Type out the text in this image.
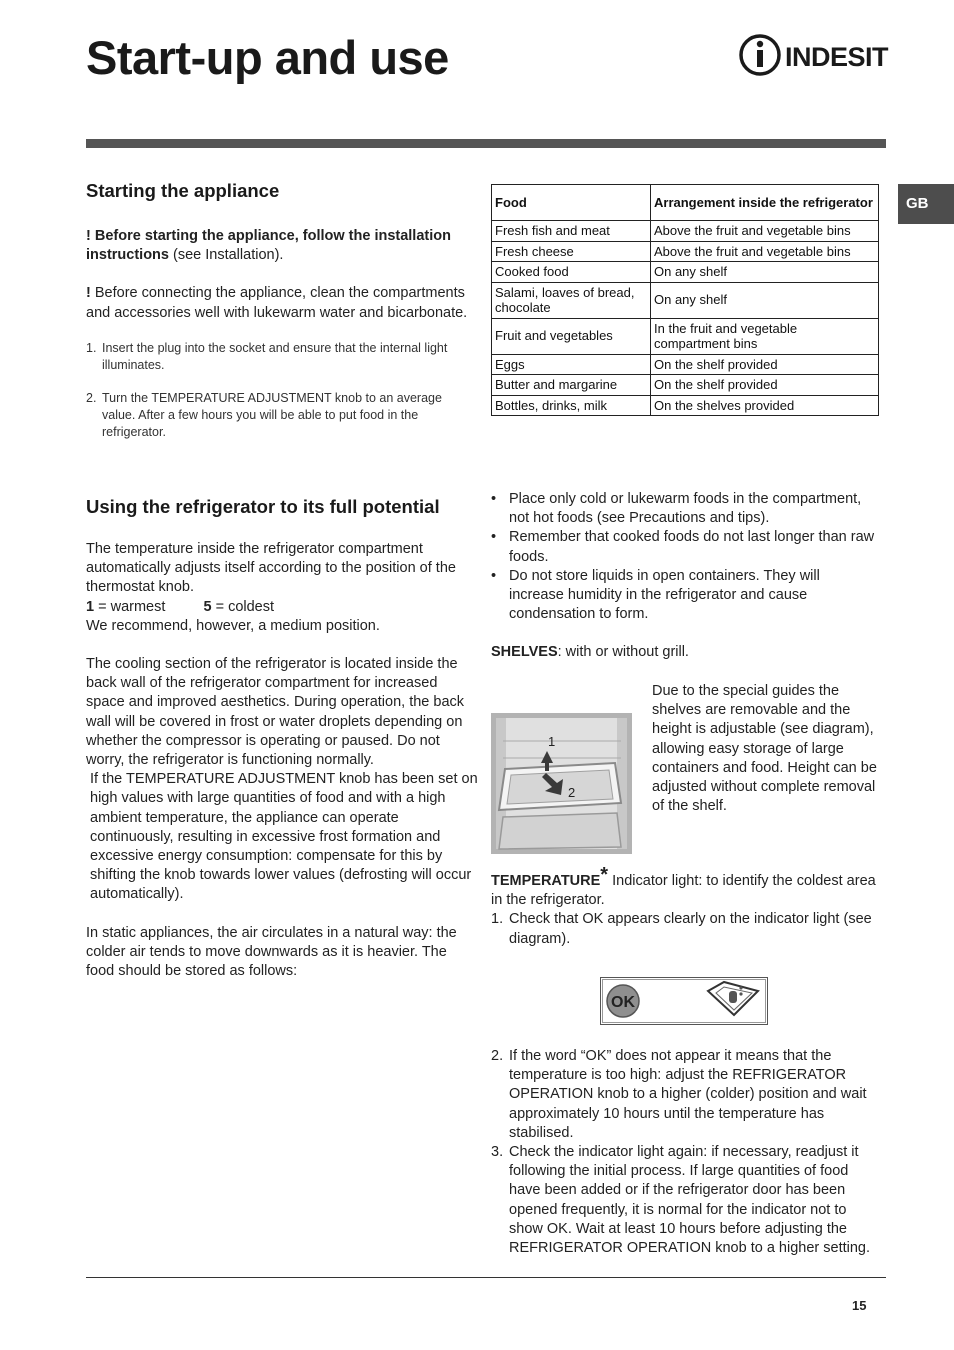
Start-up and use	INDESIT
GB
Starting the appliance

! Before starting the appliance, follow the installation instructions (see Installation).

! Before connecting the appliance, clean the compartments and accessories well with lukewarm water and bicarbonate.

1. Insert the plug into the socket and ensure that the internal light illuminates.
2. Turn the TEMPERATURE ADJUSTMENT knob to an average value. After a few hours you will be able to put food in the refrigerator.
Food	Arrangement inside the refrigerator
Fresh fish and meat	Above the fruit and vegetable bins
Fresh cheese	Above the fruit and vegetable bins
Cooked food	On any shelf
Salami, loaves of bread, chocolate	On any shelf
Fruit and vegetables	In the fruit and vegetable compartment bins
Eggs	On the shelf provided
Butter and margarine	On the shelf provided
Bottles, drinks, milk	On the shelves provided
Using the refrigerator to its full potential

The temperature inside the refrigerator compartment automatically adjusts itself according to the position of the thermostat knob.

1 = warmest	5 = coldest

We recommend, however, a medium position.

The cooling section of the refrigerator is located inside the back wall of the refrigerator compartment for increased space and improved aesthetics. During operation, the back wall will be covered in frost or water droplets depending on whether the compressor is operating or paused. Do not worry, the refrigerator is functioning normally.

If the TEMPERATURE ADJUSTMENT knob has been set on high values with large quantities of food and with a high ambient temperature, the appliance can operate continuously, resulting in excessive frost formation and excessive energy consumption: compensate for this by shifting the knob towards lower values (defrosting will occur automatically).

In static appliances, the air circulates in a natural way: the colder air tends to move downwards as it is heavier. The food should be stored as follows:

• Place only cold or lukewarm foods in the compartment, not hot foods (see Precautions and tips).
• Remember that cooked foods do not last longer than raw foods.
• Do not store liquids in open containers. They will increase humidity in the refrigerator and cause condensation to form.

SHELVES: with or without grill.

1
2

Due to the special guides the shelves are removable and the height is adjustable (see diagram), allowing easy storage of large containers and food. Height can be adjusted without complete removal of the shelf.

TEMPERATURE* Indicator light: to identify the coldest area in the refrigerator.

1. Check that OK appears clearly on the indicator light (see diagram).
OK
2. If the word “OK” does not appear it means that the temperature is too high: adjust the REFRIGERATOR OPERATION knob to a higher (colder) position and wait approximately 10 hours until the temperature has stabilised.
3. Check the indicator light again: if necessary, readjust it following the initial process. If large quantities of food have been added or if the refrigerator door has been opened frequently, it is normal for the indicator not to show OK. Wait at least 10 hours before adjusting the REFRIGERATOR OPERATION knob to a higher setting.
15
